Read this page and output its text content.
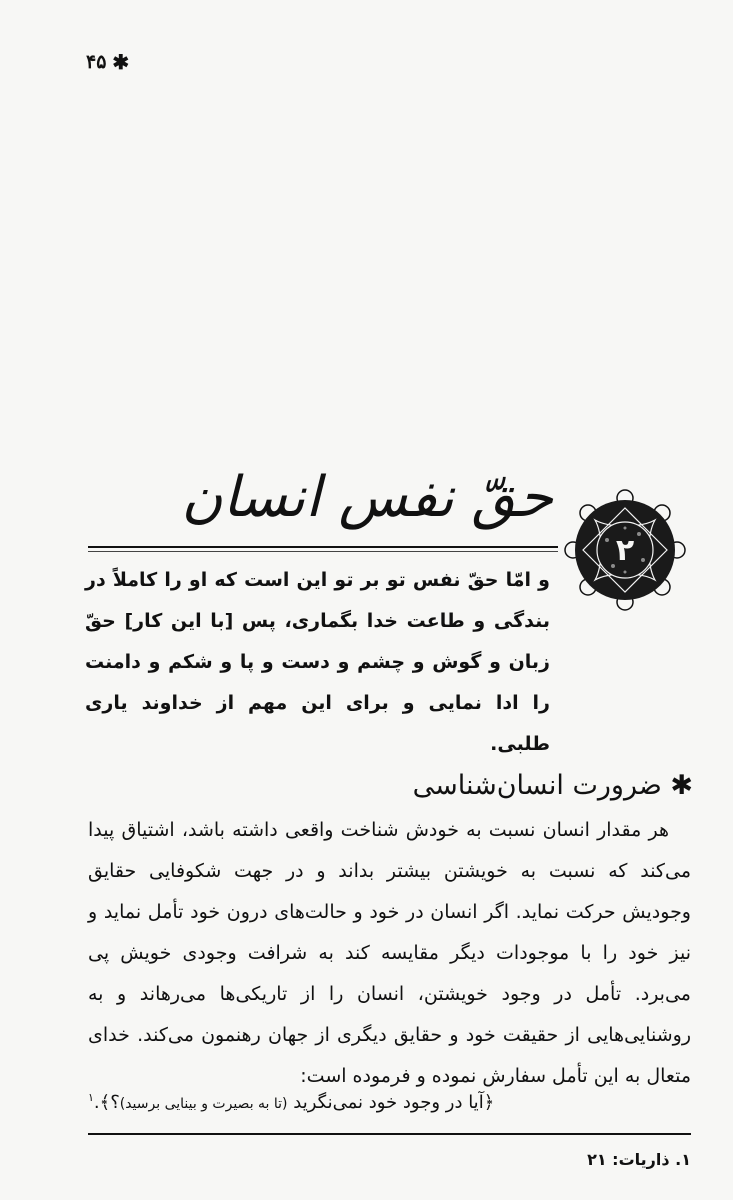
✱
۴۵
حقّ نفس انسان
۲
و امّا حقّ نفس تو بر تو این است که او را کاملاً در بندگی و طاعت خدا بگماری، پس [با این کار] حقّ زبان و گوش و چشم و دست و پا و شکم و دامنت را ادا نمایی و برای این مهم از خداوند یاری طلبی.
✱ ضرورت انسان‌شناسی

هر مقدار انسان نسبت به خودش شناخت واقعی داشته باشد، اشتیاق پیدا می‌کند که نسبت به خویشتن بیشتر بداند و در جهت شکوفایی حقایق وجودیش حرکت نماید. اگر انسان در خود و حالت‌های درون خود تأمل نماید و نیز خود را با موجودات دیگر مقایسه کند به شرافت وجودی خویش پی می‌برد. تأمل در وجود خویشتن، انسان را از تاریکی‌ها می‌رهاند و به روشنایی‌هایی از حقیقت خود و حقایق دیگری از جهان رهنمون می‌کند. خدای متعال به این تأمل سفارش نموده و فرموده است:

﴿آیا در وجود خود نمی‌نگرید (تا به بصیرت و بینایی برسید)؟﴾.$^۱$
۱. ذاریات: ۲۱
